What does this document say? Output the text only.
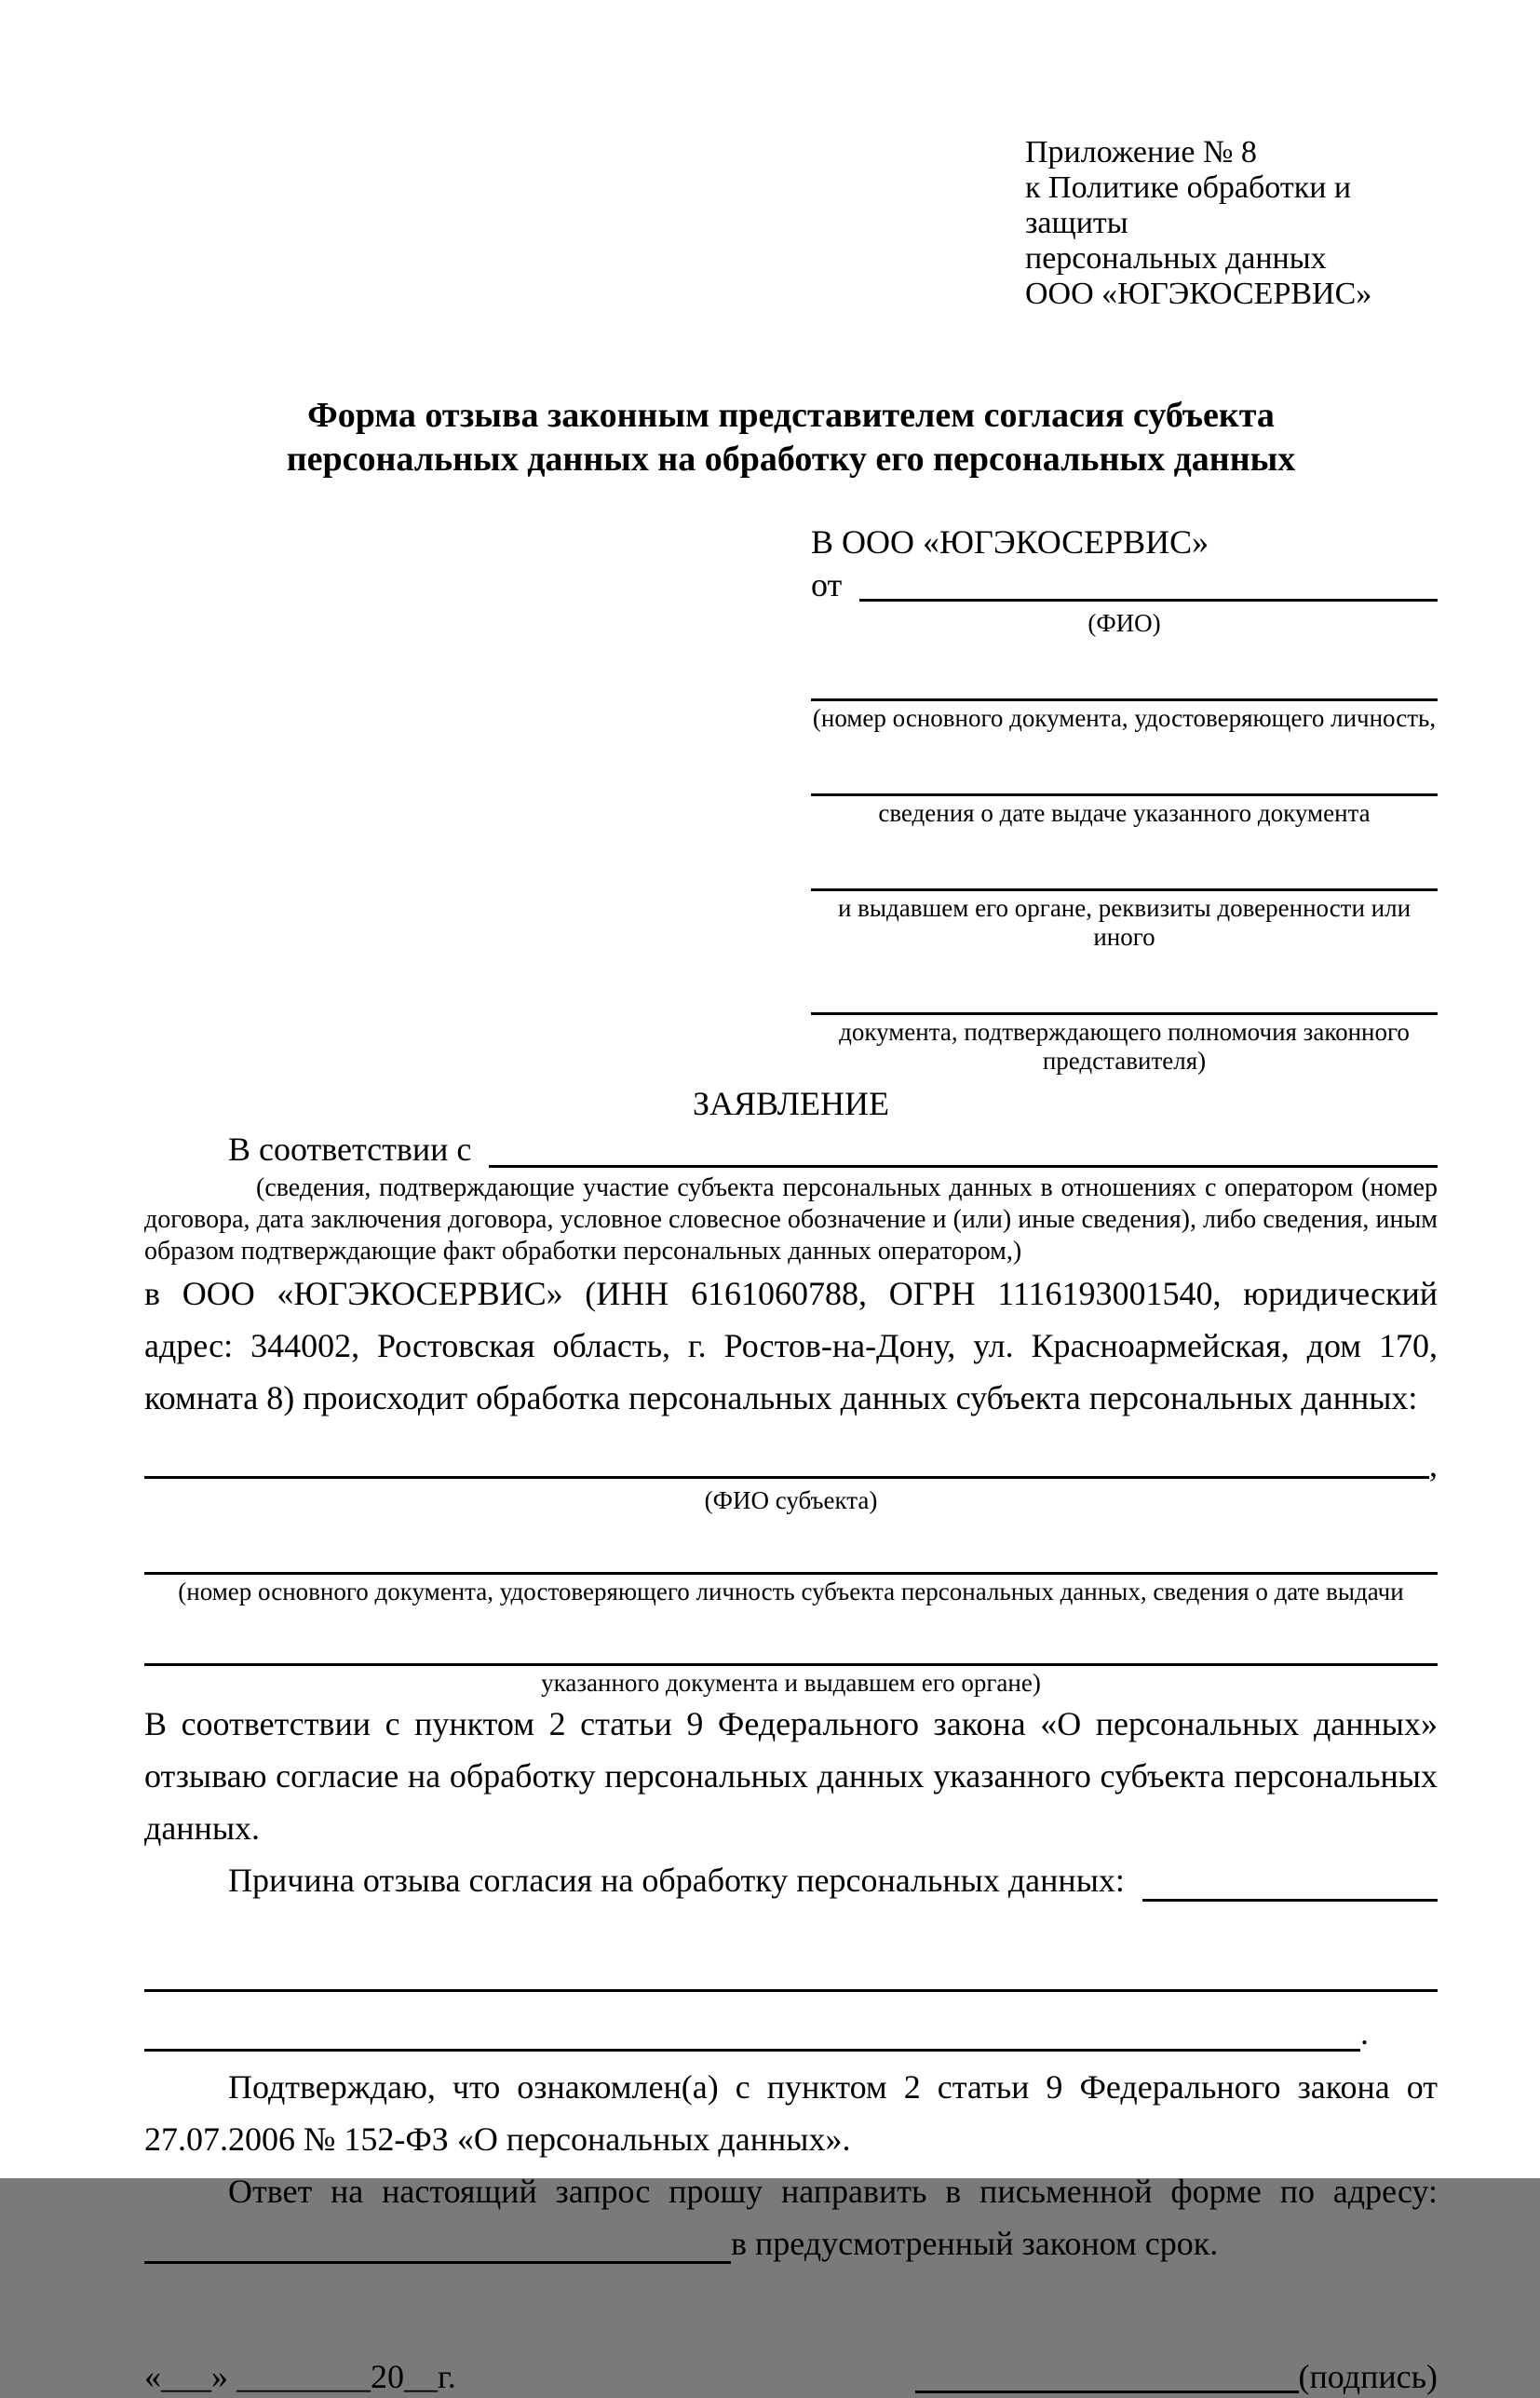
Приложение № 8
к Политике обработки и защиты
персональных данных
ООО «ЮГЭКОСЕРВИС»
Форма отзыва законным представителем согласия субъекта
персональных данных на обработку его персональных данных
В ООО «ЮГЭКОСЕРВИС»
от
(ФИО)
(номер основного документа, удостоверяющего личность,
сведения о дате выдаче указанного документа
и выдавшем его органе, реквизиты доверенности или иного
документа, подтверждающего полномочия законного представителя)
ЗАЯВЛЕНИЕ
В соответствии с
(сведения, подтверждающие участие субъекта персональных данных в отношениях с оператором (номер договора, дата заключения договора, условное словесное обозначение и (или) иные сведения), либо сведения, иным образом подтверждающие факт обработки персональных данных оператором,)
в ООО «ЮГЭКОСЕРВИС» (ИНН 6161060788, ОГРН 1116193001540, юридический адрес: 344002, Ростовская область, г. Ростов-на-Дону, ул. Красноармейская, дом 170, комната 8) происходит обработка персональных данных субъекта персональных данных:
,
(ФИО субъекта)
(номер основного документа, удостоверяющего личность субъекта персональных данных, сведения о дате выдачи
указанного документа и выдавшем его органе)
В соответствии с пунктом 2 статьи 9 Федерального закона «О персональных данных» отзываю согласие на обработку персональных данных указанного субъекта персональных данных.
Причина отзыва согласия на обработку персональных данных:
.
Подтверждаю, что ознакомлен(а) с пунктом 2 статьи 9 Федерального закона от 27.07.2006 № 152-ФЗ «О персональных данных».
Ответ на настоящий запрос прошу направить в письменной форме по адресу:
в предусмотренный законом срок.
«___» ________20__г.	(подпись)
